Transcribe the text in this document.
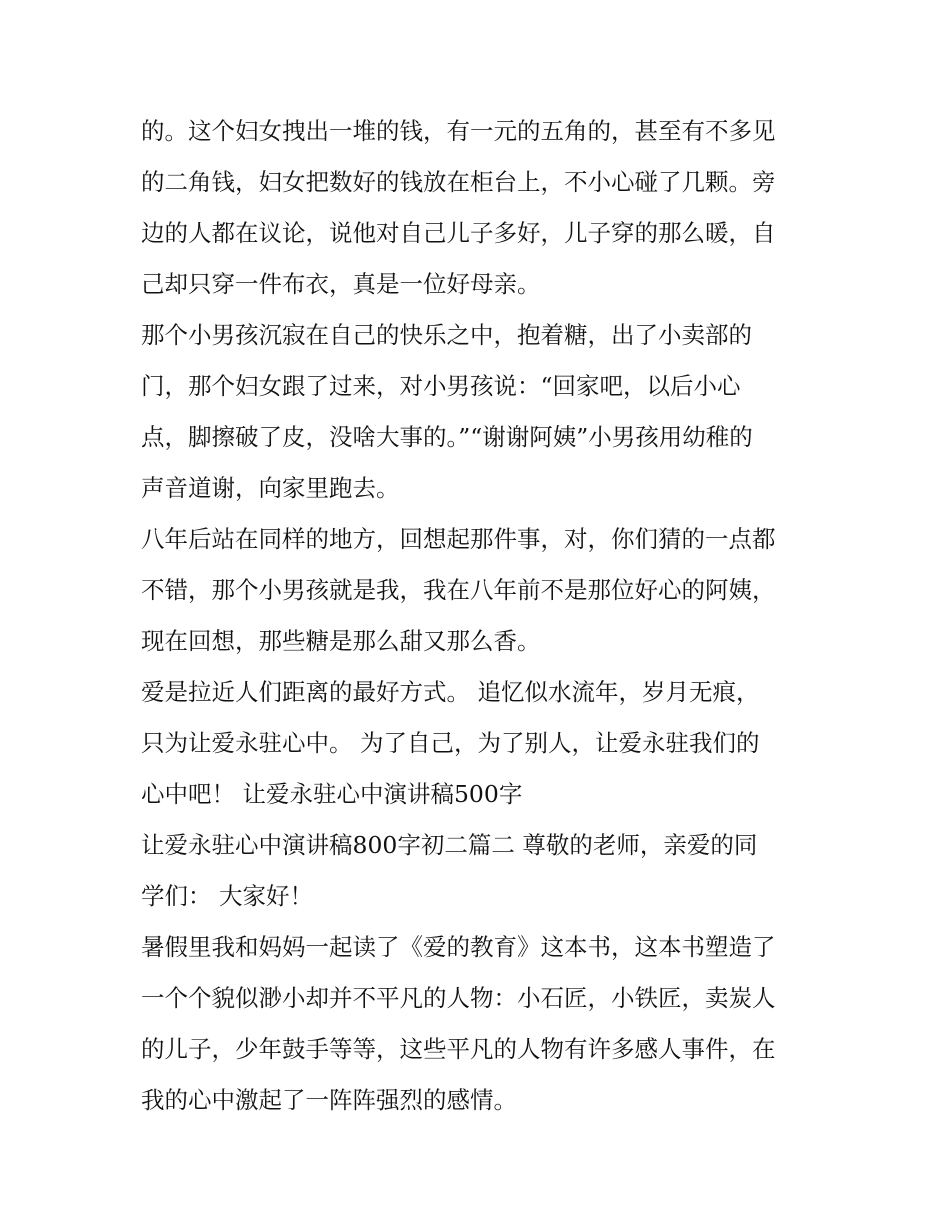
的。这个妇女拽出一堆的钱，有一元的五角的，甚至有不多见
的二角钱，妇女把数好的钱放在柜台上，不小心碰了几颗。旁
边的人都在议论，说他对自己儿子多好，儿子穿的那么暖，自
己却只穿一件布衣，真是一位好母亲。
那个小男孩沉寂在自己的快乐之中，抱着糖，出了小卖部的
门，那个妇女跟了过来，对小男孩说：“回家吧，以后小心
点，脚擦破了皮，没啥大事的。”“谢谢阿姨”小男孩用幼稚的
声音道谢，向家里跑去。
八年后站在同样的地方，回想起那件事，对，你们猜的一点都
不错，那个小男孩就是我，我在八年前不是那位好心的阿姨，
现在回想，那些糖是那么甜又那么香。
爱是拉近人们距离的最好方式。 追忆似水流年，岁月无痕，
只为让爱永驻心中。 为了自己，为了别人，让爱永驻我们的
心中吧！ 让爱永驻心中演讲稿500字
让爱永驻心中演讲稿800字初二篇二 尊敬的老师，亲爱的同
学们： 大家好！
暑假里我和妈妈一起读了《爱的教育》这本书，这本书塑造了
一个个貌似渺小却并不平凡的人物：小石匠，小铁匠，卖炭人
的儿子，少年鼓手等等，这些平凡的人物有许多感人事件，在
我的心中激起了一阵阵强烈的感情。
